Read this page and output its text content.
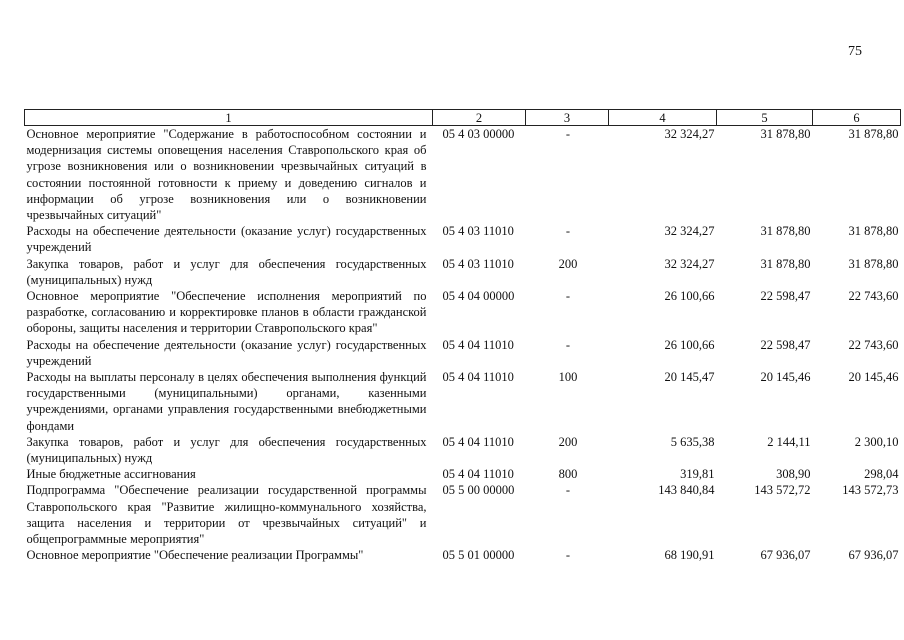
75
1	2	3	4	5	6
Основное мероприятие "Содержание в работоспособном состоянии и модернизация системы оповещения населения Ставропольского края об угрозе возникновения или о возникновении чрезвычайных ситуаций в состоянии постоянной готовности к приему и доведению сигналов и информации об угрозе возникновения или о возникновении чрезвычайных ситуаций"	05 4 03 00000	-	32 324,27	31 878,80	31 878,80
Расходы на обеспечение деятельности (оказание услуг) государственных учреждений	05 4 03 11010	-	32 324,27	31 878,80	31 878,80
Закупка товаров, работ и услуг для обеспечения государственных (муниципальных) нужд	05 4 03 11010	200	32 324,27	31 878,80	31 878,80
Основное мероприятие "Обеспечение исполнения мероприятий по разработке, согласованию и корректировке планов в области гражданской обороны, защиты населения и территории Ставропольского края"	05 4 04 00000	-	26 100,66	22 598,47	22 743,60
Расходы на обеспечение деятельности (оказание услуг) государственных учреждений	05 4 04 11010	-	26 100,66	22 598,47	22 743,60
Расходы на выплаты персоналу в целях обеспечения выполнения функций государственными (муниципальными) органами, казенными учреждениями, органами управления государственными внебюджетными фондами	05 4 04 11010	100	20 145,47	20 145,46	20 145,46
Закупка товаров, работ и услуг для обеспечения государственных (муниципальных) нужд	05 4 04 11010	200	5 635,38	2 144,11	2 300,10
Иные бюджетные ассигнования	05 4 04 11010	800	319,81	308,90	298,04
Подпрограмма "Обеспечение реализации государственной программы Ставропольского края "Развитие жилищно-коммунального хозяйства, защита населения и территории от чрезвычайных ситуаций" и общепрограммные мероприятия"	05 5 00 00000	-	143 840,84	143 572,72	143 572,73
Основное мероприятие "Обеспечение реализации Программы"	05 5 01 00000	-	68 190,91	67 936,07	67 936,07
